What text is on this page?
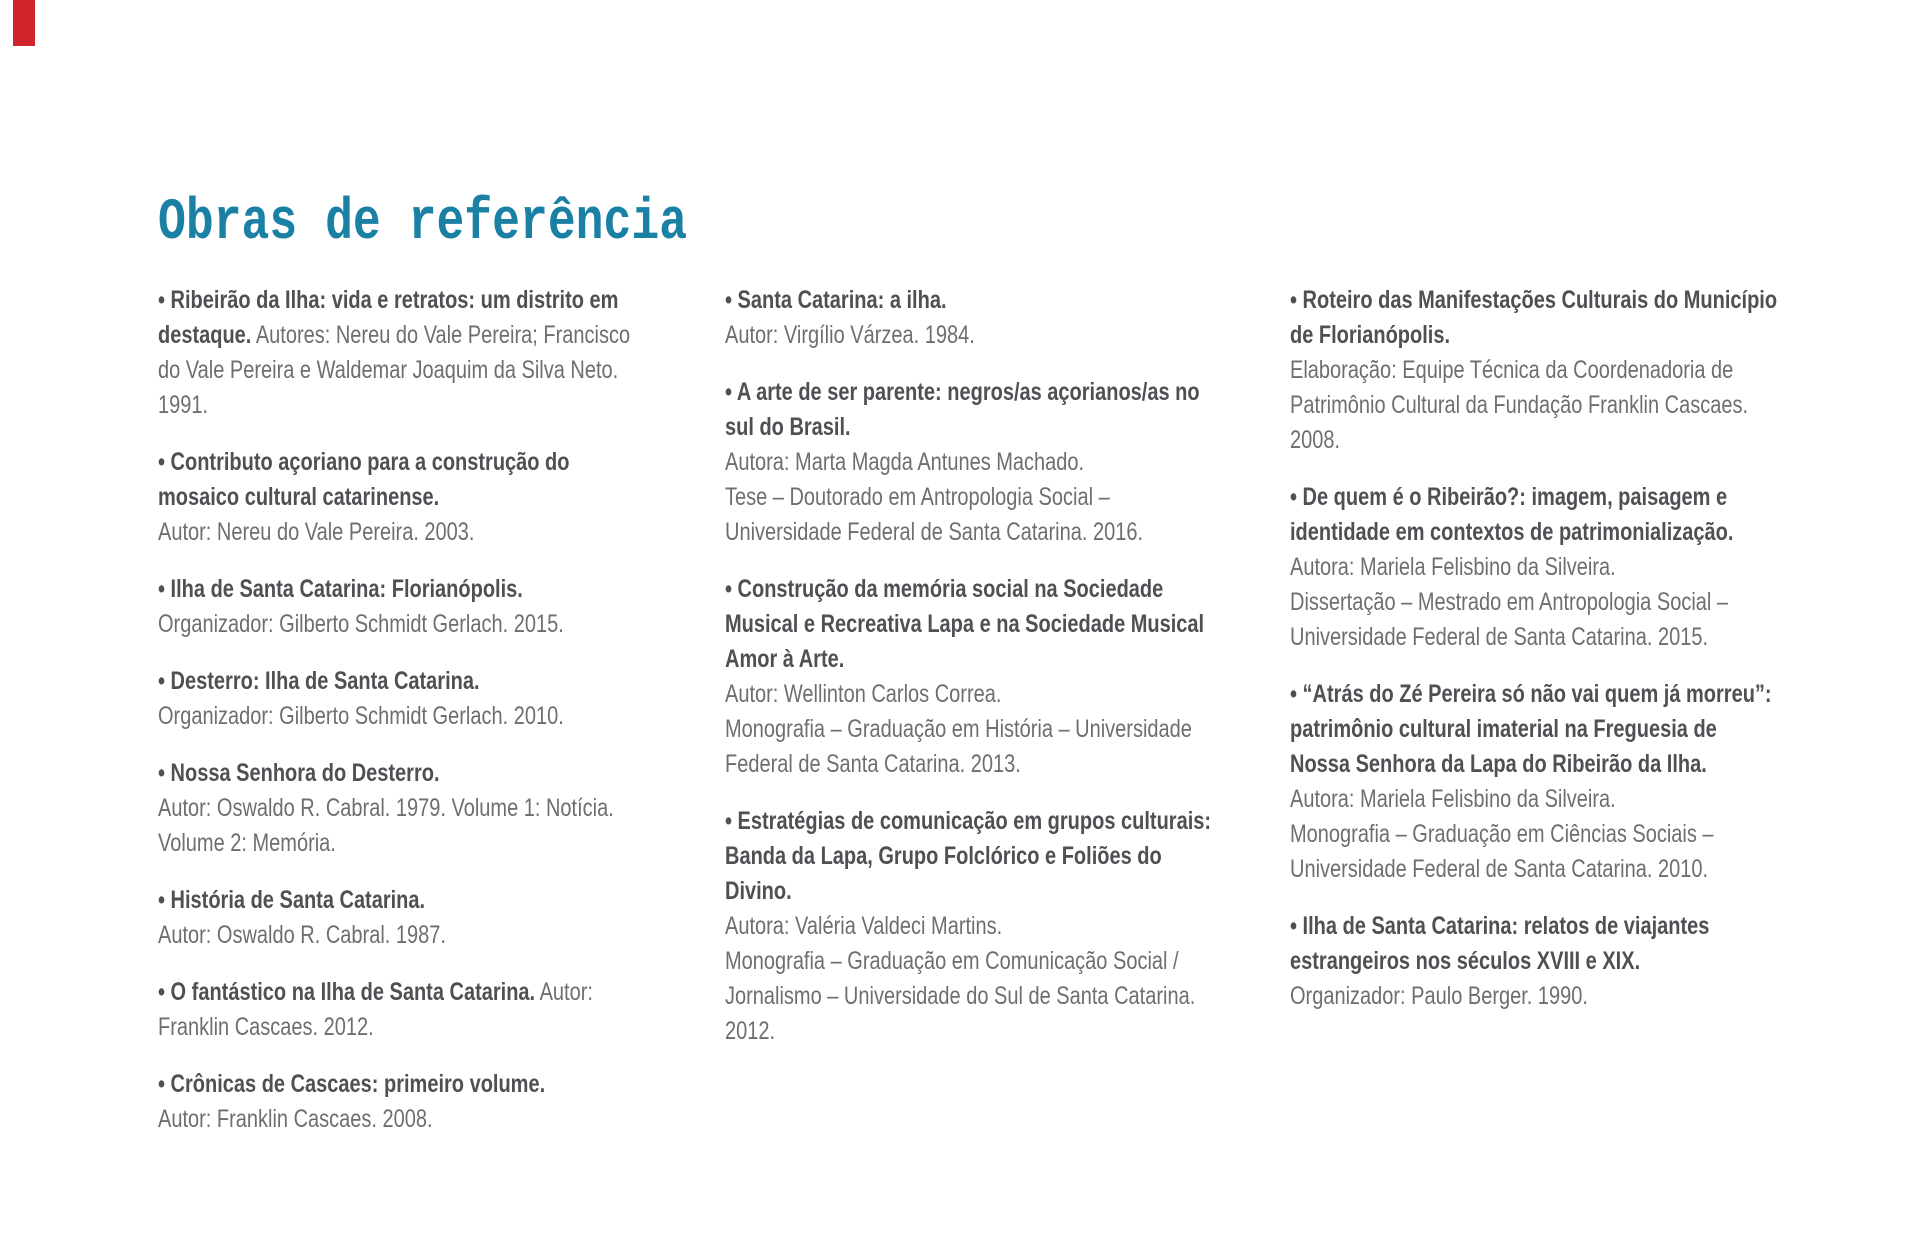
Obras de referência

• Ribeirão da Ilha: vida e retratos: um distrito em destaque. Autores: Nereu do Vale Pereira; Francisco do Vale Pereira e Waldemar Joaquim da Silva Neto. 1991.

• Contributo açoriano para a construção do mosaico cultural catarinense.

Autor: Nereu do Vale Pereira. 2003.

• Ilha de Santa Catarina: Florianópolis.

Organizador: Gilberto Schmidt Gerlach. 2015.

• Desterro: Ilha de Santa Catarina.

Organizador: Gilberto Schmidt Gerlach. 2010.

• Nossa Senhora do Desterro.

Autor: Oswaldo R. Cabral. 1979. Volume 1: Notícia. Volume 2: Memória.

• História de Santa Catarina.

Autor: Oswaldo R. Cabral. 1987.

• O fantástico na Ilha de Santa Catarina. Autor: Franklin Cascaes. 2012.

• Crônicas de Cascaes: primeiro volume.

Autor: Franklin Cascaes. 2008.

• Santa Catarina: a ilha.

Autor: Virgílio Várzea. 1984.

• A arte de ser parente: negros/as açorianos/as no sul do Brasil.

Autora: Marta Magda Antunes Machado.

Tese – Doutorado em Antropologia Social – Universidade Federal de Santa Catarina. 2016.

• Construção da memória social na Sociedade Musical e Recreativa Lapa e na Sociedade Musical Amor à Arte.

Autor: Wellinton Carlos Correa.

Monografia – Graduação em História – Universidade Federal de Santa Catarina. 2013.

• Estratégias de comunicação em grupos culturais: Banda da Lapa, Grupo Folclórico e Foliões do Divino.

Autora: Valéria Valdeci Martins.

Monografia – Graduação em Comunicação Social / Jornalismo – Universidade do Sul de Santa Catarina. 2012.

• Roteiro das Manifestações Culturais do Município de Florianópolis.

Elaboração: Equipe Técnica da Coordenadoria de Patrimônio Cultural da Fundação Franklin Cascaes. 2008.

• De quem é o Ribeirão?: imagem, paisagem e identidade em contextos de patrimonialização.

Autora: Mariela Felisbino da Silveira.

Dissertação – Mestrado em Antropologia Social – Universidade Federal de Santa Catarina. 2015.

• “Atrás do Zé Pereira só não vai quem já morreu”: patrimônio cultural imaterial na Freguesia de Nossa Senhora da Lapa do Ribeirão da Ilha.

Autora: Mariela Felisbino da Silveira.

Monografia – Graduação em Ciências Sociais – Universidade Federal de Santa Catarina. 2010.

• Ilha de Santa Catarina: relatos de viajantes estrangeiros nos séculos XVIII e XIX.

Organizador: Paulo Berger. 1990.
